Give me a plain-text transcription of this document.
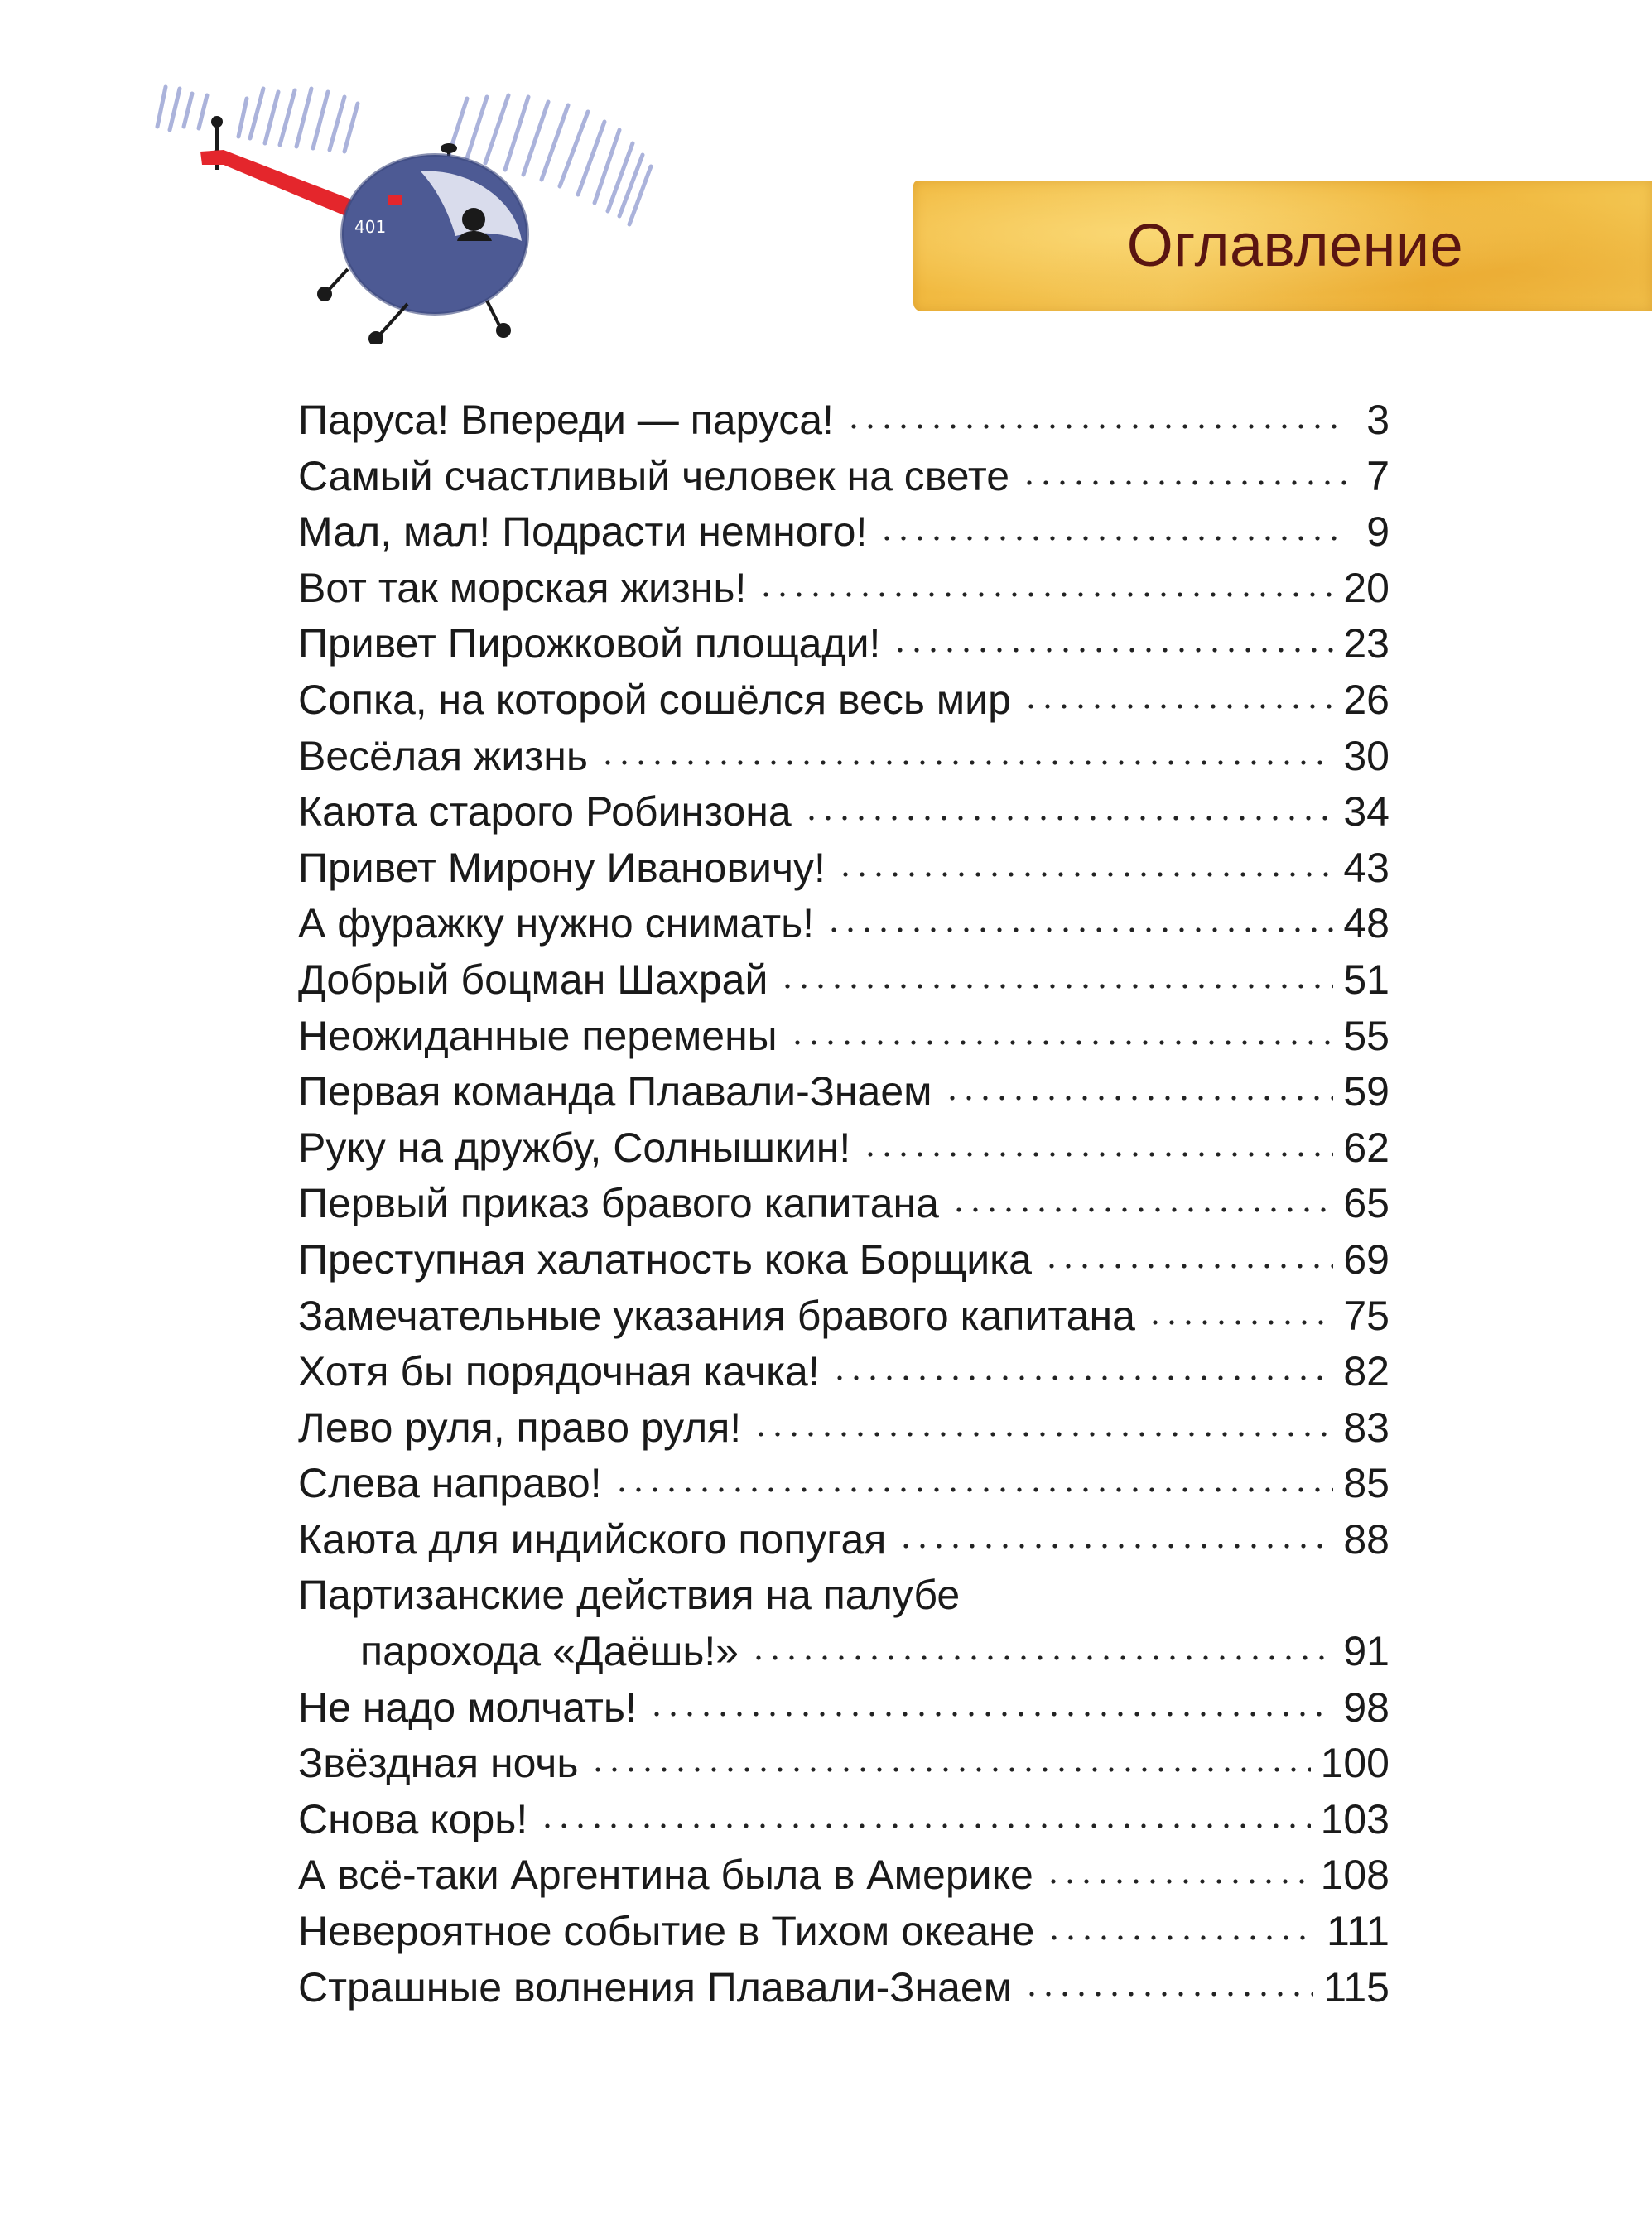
401	Оглавление
Паруса! Впереди — паруса!	3
Самый счастливый человек на свете	7
Мал, мал! Подрасти немного!	9
Вот так морская жизнь!	20
Привет Пирожковой площади!	23
Сопка, на которой сошёлся весь мир	26
Весёлая жизнь	30
Каюта старого Робинзона	34
Привет Мирону Ивановичу!	43
А фуражку нужно снимать!	48
Добрый боцман Шахрай	51
Неожиданные перемены	55
Первая команда Плавали-Знаем	59
Руку на дружбу, Солнышкин!	62
Первый приказ бравого капитана	65
Преступная халатность кока Борщика	69
Замечательные указания бравого капитана	75
Хотя бы порядочная качка!	82
Лево руля, право руля!	83
Слева направо!	85
Каюта для индийского попугая	88
Партизанские действия на палубе
парохода «Даёшь!»	91
Не надо молчать!	98
Звёздная ночь	100
Снова корь!	103
А всё-таки Аргентина была в Америке	108
Невероятное событие в Тихом океане	111
Страшные волнения Плавали-Знаем	115
